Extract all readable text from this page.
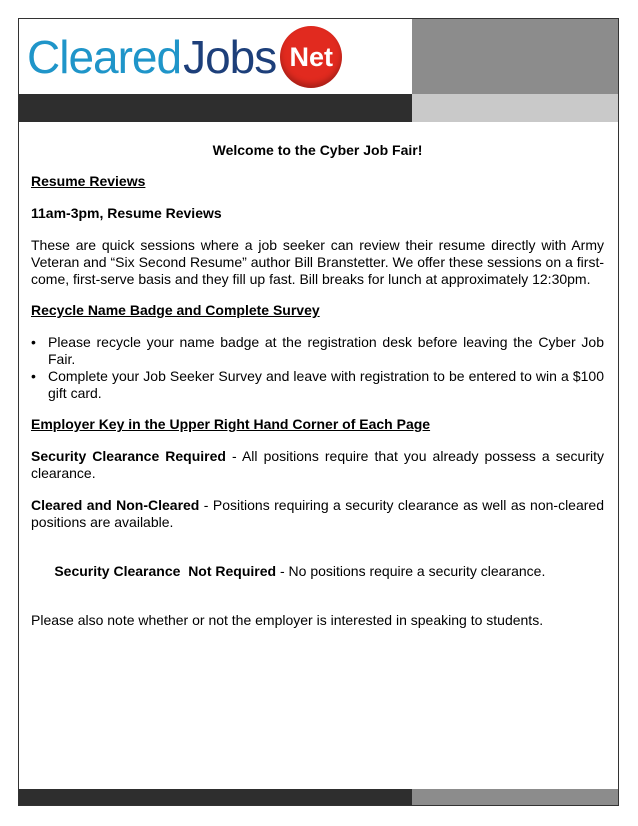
Cleared Jobs Net

Welcome to the Cyber Job Fair!

Resume Reviews

11am-3pm, Resume Reviews

These are quick sessions where a job seeker can review their resume directly with Army Veteran and “Six Second Resume” author Bill Branstetter. We offer these sessions on a first-come, first-serve basis and they fill up fast. Bill breaks for lunch at approximately 12:30pm.

Recycle Name Badge and Complete Survey

• Please recycle your name badge at the registration desk before leaving the Cyber Job Fair.
• Complete your Job Seeker Survey and leave with registration to be entered to win a $100 gift card.

Employer Key in the Upper Right Hand Corner of Each Page

Security Clearance Required - All positions require that you already possess a security clearance.

Cleared and Non-Cleared - Positions requiring a security clearance as well as non-cleared positions are available.

Security Clearance  Not Required - No positions require a security clearance.

Please also note whether or not the employer is interested in speaking to students.
